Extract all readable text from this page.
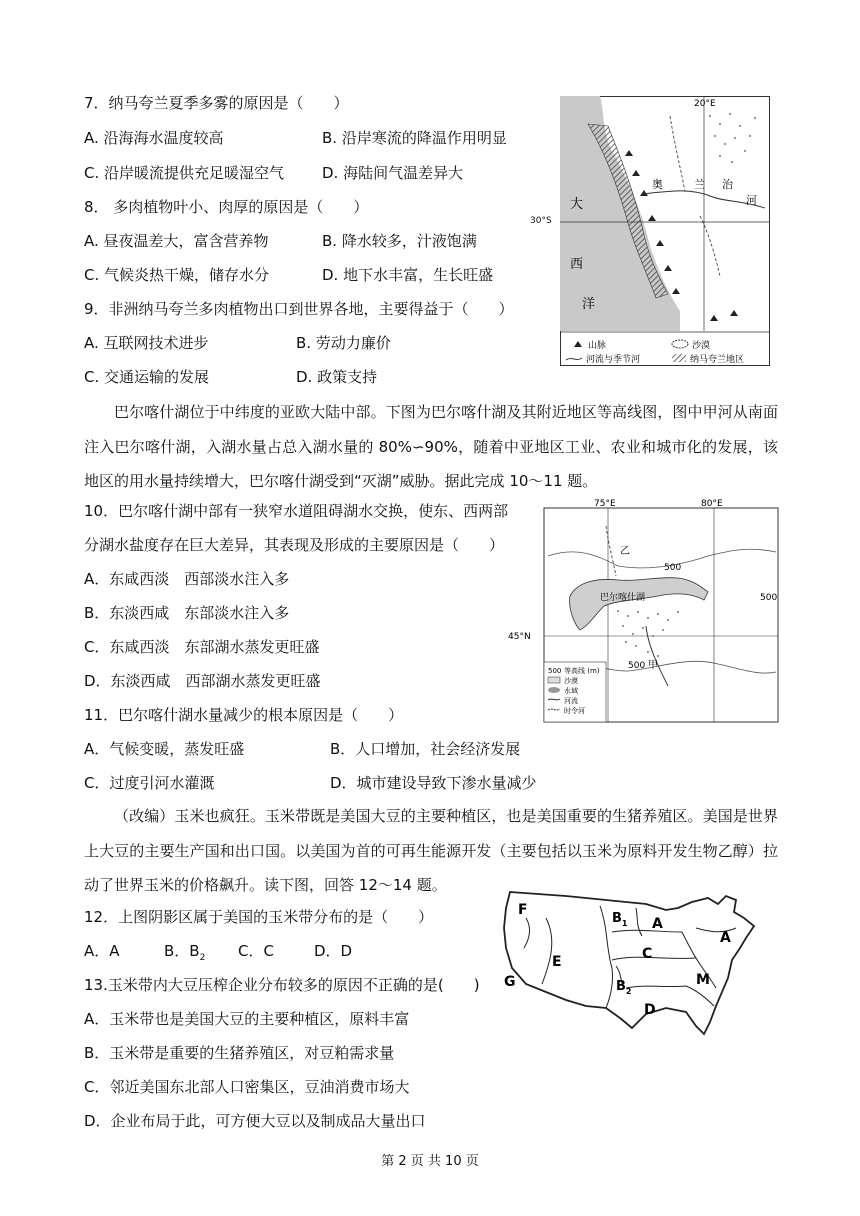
7．纳马夸兰夏季多雾的原因是（　　）
A. 沿海海水温度较高	B. 沿岸寒流的降温作用明显
C. 沿岸暖流提供充足暖湿空气	D. 海陆间气温差异大
8． 多肉植物叶小、肉厚的原因是（　　）
A. 昼夜温差大，富含营养物	B. 降水较多，汁液饱满
C. 气候炎热干燥，储存水分	D. 地下水丰富，生长旺盛
9．非洲纳马夸兰多肉植物出口到世界各地，主要得益于（　　）
A. 互联网技术进步	B. 劳动力廉价
C. 交通运输的发展	D. 政策支持
20°E
大
西
洋
奥	兰 治
河
山脉	沙漠
河流与季节河	纳马夸兰地区
30°S
巴尔喀什湖位于中纬度的亚欧大陆中部。下图为巴尔喀什湖及其附近地区等高线图，图中甲河从南面注入巴尔喀什湖，入湖水量占总入湖水量的 80%∽90%，随着中亚地区工业、农业和城市化的发展，该地区的用水量持续增大，巴尔喀什湖受到“灭湖”威胁。据此完成 10～11 题。
10．巴尔喀什湖中部有一狭窄水道阻碍湖水交换，使东、西两部
分湖水盐度存在巨大差异，其表现及形成的主要原因是（　　）
A．东咸西淡　西部淡水注入多
B．东淡西咸　东部淡水注入多
C．东咸西淡　东部湖水蒸发更旺盛
D．东淡西咸　西部湖水蒸发更旺盛
75°E	80°E
45°N
巴尔喀什湖
乙
500
500 甲
500
500 等高线 (m)
沙漠
水域
河流
时令河
11．巴尔喀什湖水量减少的根本原因是（　　）
A．气候变暖，蒸发旺盛	B．人口增加，社会经济发展
C．过度引河水灌溉	D．城市建设导致下渗水量减少
（改编）玉米也疯狂。玉米带既是美国大豆的主要种植区，也是美国重要的生猪养殖区。美国是世界上大豆的主要生产国和出口国。以美国为首的可再生能源开发（主要包括以玉米为原料开发生物乙醇）拉动了世界玉米的价格飙升。读下图，回答 12～14 题。
12．上图阴影区属于美国的玉米带分布的是（　　）
A．A	B．$B_2$ C．C	D．D
F
$B_1$ A
A
E	C
G	$B_2$
M
D
13.玉米带内大豆压榨企业分布较多的原因不正确的是(　　)
A．玉米带也是美国大豆的主要种植区，原料丰富
B．玉米带是重要的生猪养殖区，对豆粕需求量
C．邻近美国东北部人口密集区，豆油消费市场大
D．企业布局于此，可方便大豆以及制成品大量出口
第 2 页 共 10 页
